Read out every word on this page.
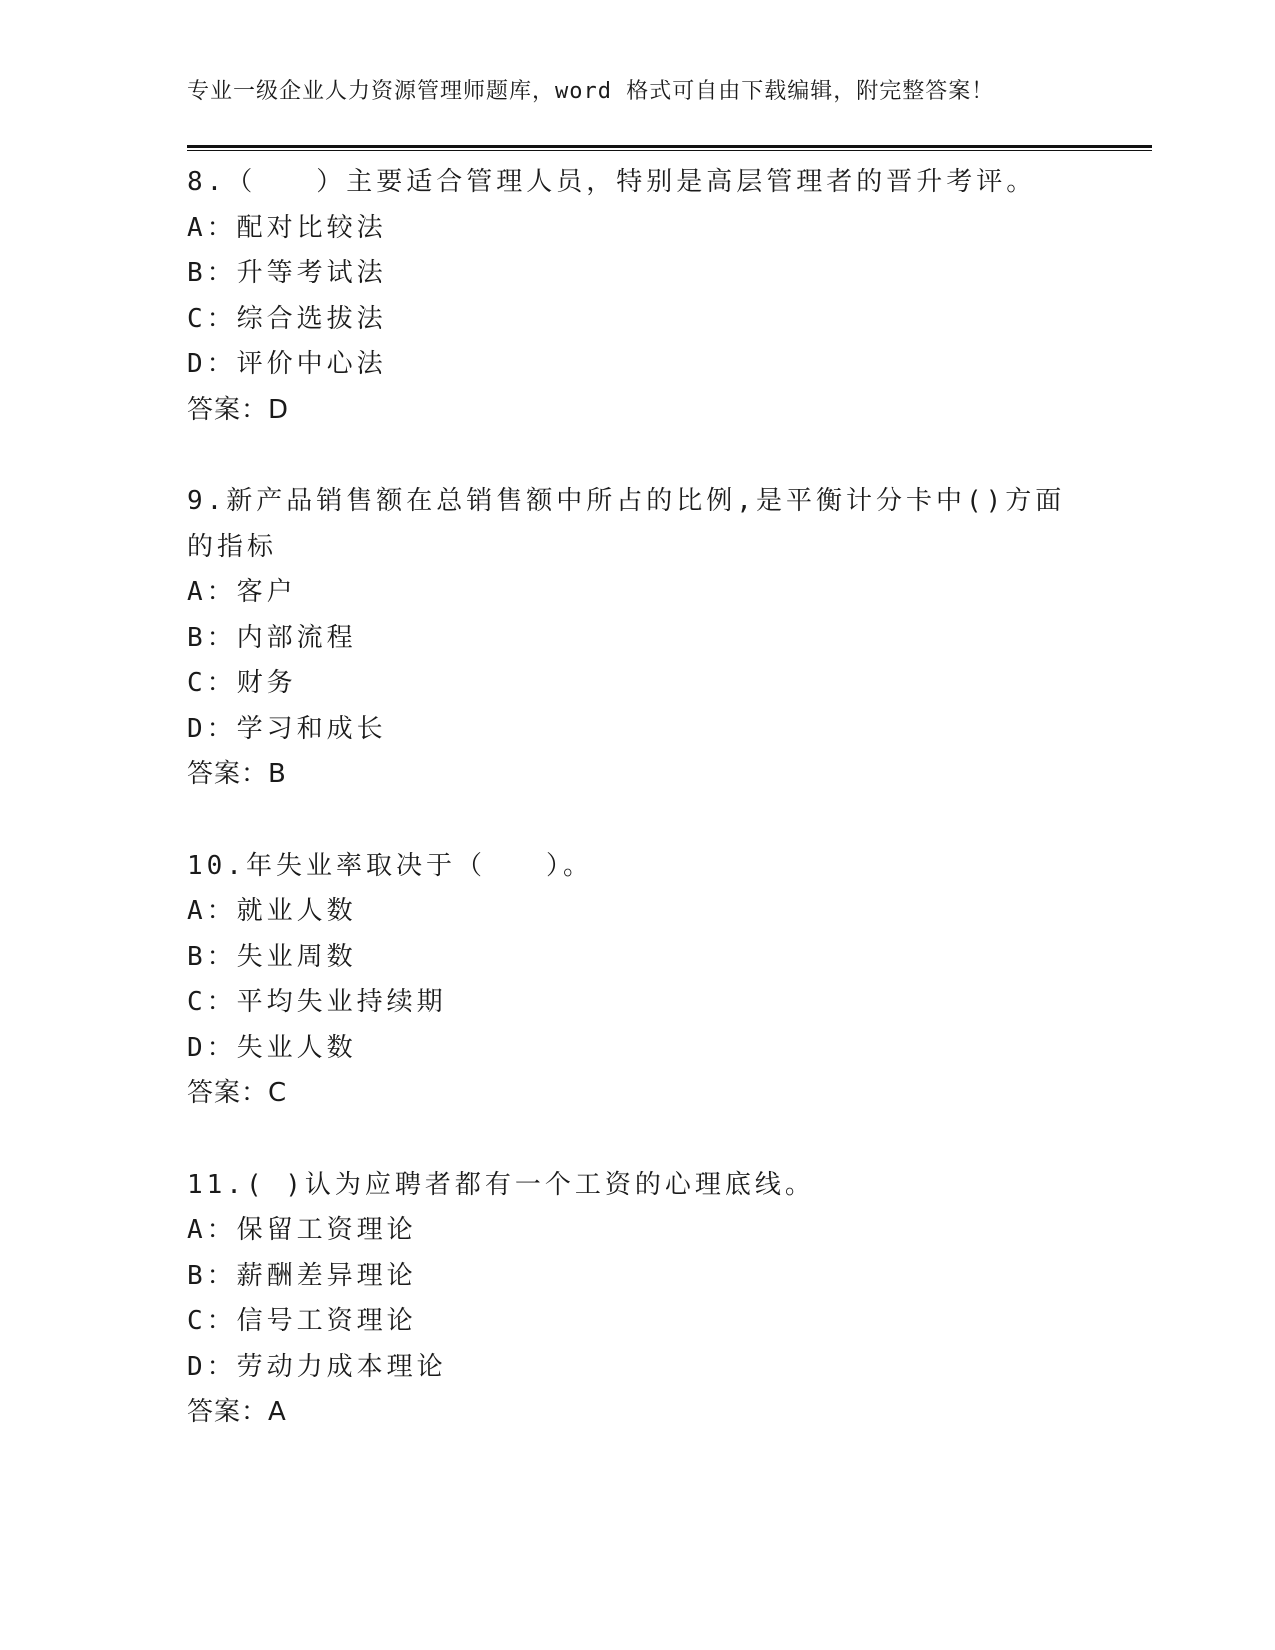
专业一级企业人力资源管理师题库，word 格式可自由下载编辑，附完整答案！
8.（　　）主要适合管理人员，特别是高层管理者的晋升考评。
A：配对比较法
B：升等考试法
C：综合选拔法
D：评价中心法
答案：D
9.新产品销售额在总销售额中所占的比例,是平衡计分卡中()方面的指标
A：客户
B：内部流程
C：财务
D：学习和成长
答案：B
10.年失业率取决于（　　）。
A：就业人数
B：失业周数
C：平均失业持续期
D：失业人数
答案：C
11.( )认为应聘者都有一个工资的心理底线。
A：保留工资理论
B：薪酬差异理论
C：信号工资理论
D：劳动力成本理论
答案：A
